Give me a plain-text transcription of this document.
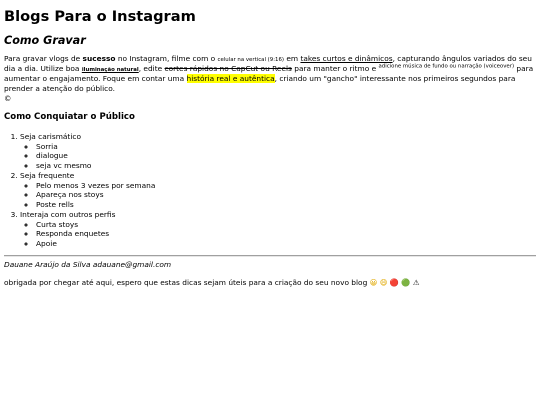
Blogs Para o Instagram
Como Gravar

Para gravar vlogs de sucesso no Instagram, filme com o celular na vertical (9:16) em takes curtos e dinâmicos, capturando ângulos variados do seu dia a dia. Utilize boa iluminação natural, edite cortes rápidos no CapCut ou Reels para manter o ritmo e $^{adicione música de fundo ou narração (voiceover)}$ para aumentar o engajamento. Foque em contar uma história real e autêntica, criando um "gancho" interessante nos primeiros segundos para prender a atenção do público.
©

Como Conquiatar o Público
1. Seja carismático
◦ Sorria
◦ dialogue
◦ seja vc mesmo
2. Seja frequente
◦ Pelo menos 3 vezes por semana
◦ Apareça nos stoys
◦ Poste rells
3. Interaja com outros perfis
◦ Curta stoys
◦ Responda enquetes
◦ Apoie
Dauane Araújo da Silva adauane@gmail.com

obrigada por chegar até aqui, espero que estas dicas sejam úteis para a criação do seu novo blog 😀 😄 🔴 🟢 ⚠
